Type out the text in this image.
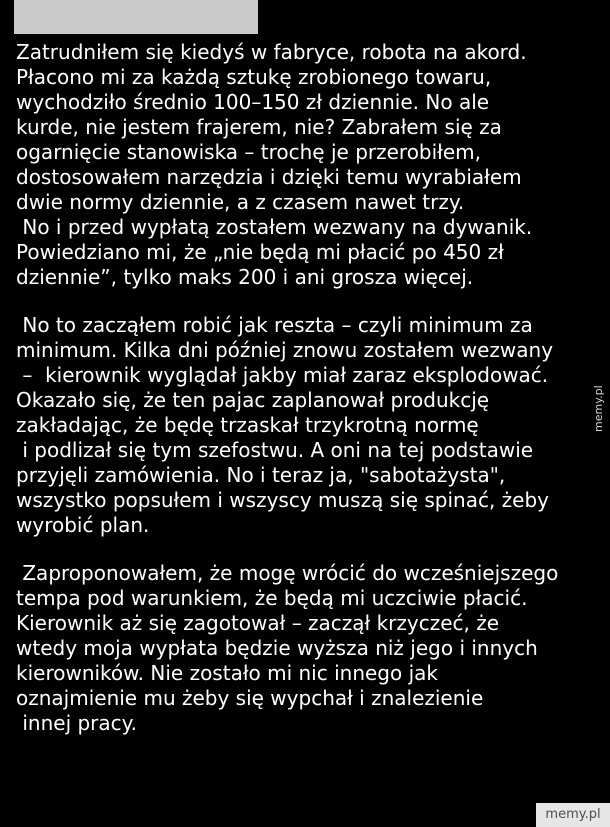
Zatrudniłem się kiedyś w fabryce, robota na akord.
Płacono mi za każdą sztukę zrobionego towaru,
wychodziło średnio 100–150 zł dziennie. No ale
kurde, nie jestem frajerem, nie? Zabrałem się za
ogarnięcie stanowiska – trochę je przerobiłem,
dostosowałem narzędzia i dzięki temu wyrabiałem
dwie normy dziennie, a z czasem nawet trzy.
No i przed wypłatą zostałem wezwany na dywanik.
Powiedziano mi, że „nie będą mi płacić po 450 zł
dziennie”, tylko maks 200 i ani grosza więcej.
No to zacząłem robić jak reszta – czyli minimum za
minimum. Kilka dni później znowu zostałem wezwany
–  kierownik wyglądał jakby miał zaraz eksplodować.
Okazało się, że ten pajac zaplanował produkcję
zakładając, że będę trzaskał trzykrotną normę
i podlizał się tym szefostwu. A oni na tej podstawie
przyjęli zamówienia. No i teraz ja, "sabotażysta",
wszystko popsułem i wszyscy muszą się spinać, żeby
wyrobić plan.
Zaproponowałem, że mogę wrócić do wcześniejszego
tempa pod warunkiem, że będą mi uczciwie płacić.
Kierownik aż się zagotował – zaczął krzyczeć, że
wtedy moja wypłata będzie wyższa niż jego i innych
kierowników. Nie zostało mi nic innego jak
oznajmienie mu żeby się wypchał i znalezienie
innej pracy.
memy.pl
memy.pl
